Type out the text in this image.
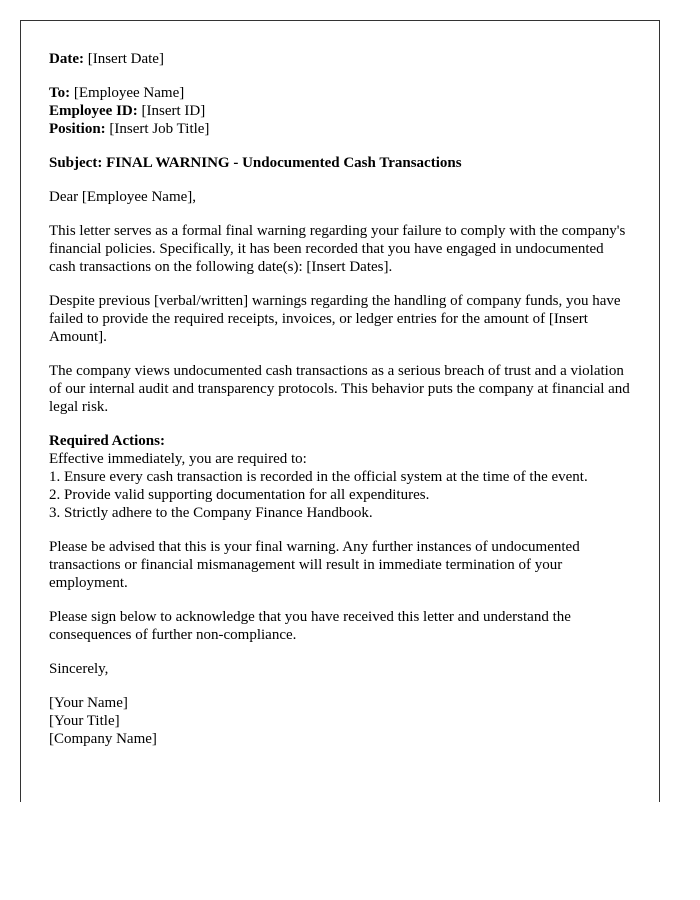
Date: [Insert Date]
To: [Employee Name]
Employee ID: [Insert ID]
Position: [Insert Job Title]
Subject: FINAL WARNING - Undocumented Cash Transactions
Dear [Employee Name],
This letter serves as a formal final warning regarding your failure to comply with the company's financial policies. Specifically, it has been recorded that you have engaged in undocumented cash transactions on the following date(s): [Insert Dates].
Despite previous [verbal/written] warnings regarding the handling of company funds, you have failed to provide the required receipts, invoices, or ledger entries for the amount of [Insert Amount].
The company views undocumented cash transactions as a serious breach of trust and a violation of our internal audit and transparency protocols. This behavior puts the company at financial and legal risk.
Required Actions:
Effective immediately, you are required to:
1. Ensure every cash transaction is recorded in the official system at the time of the event.
2. Provide valid supporting documentation for all expenditures.
3. Strictly adhere to the Company Finance Handbook.
Please be advised that this is your final warning. Any further instances of undocumented transactions or financial mismanagement will result in immediate termination of your employment.
Please sign below to acknowledge that you have received this letter and understand the consequences of further non-compliance.
Sincerely,
[Your Name]
[Your Title]
[Company Name]
